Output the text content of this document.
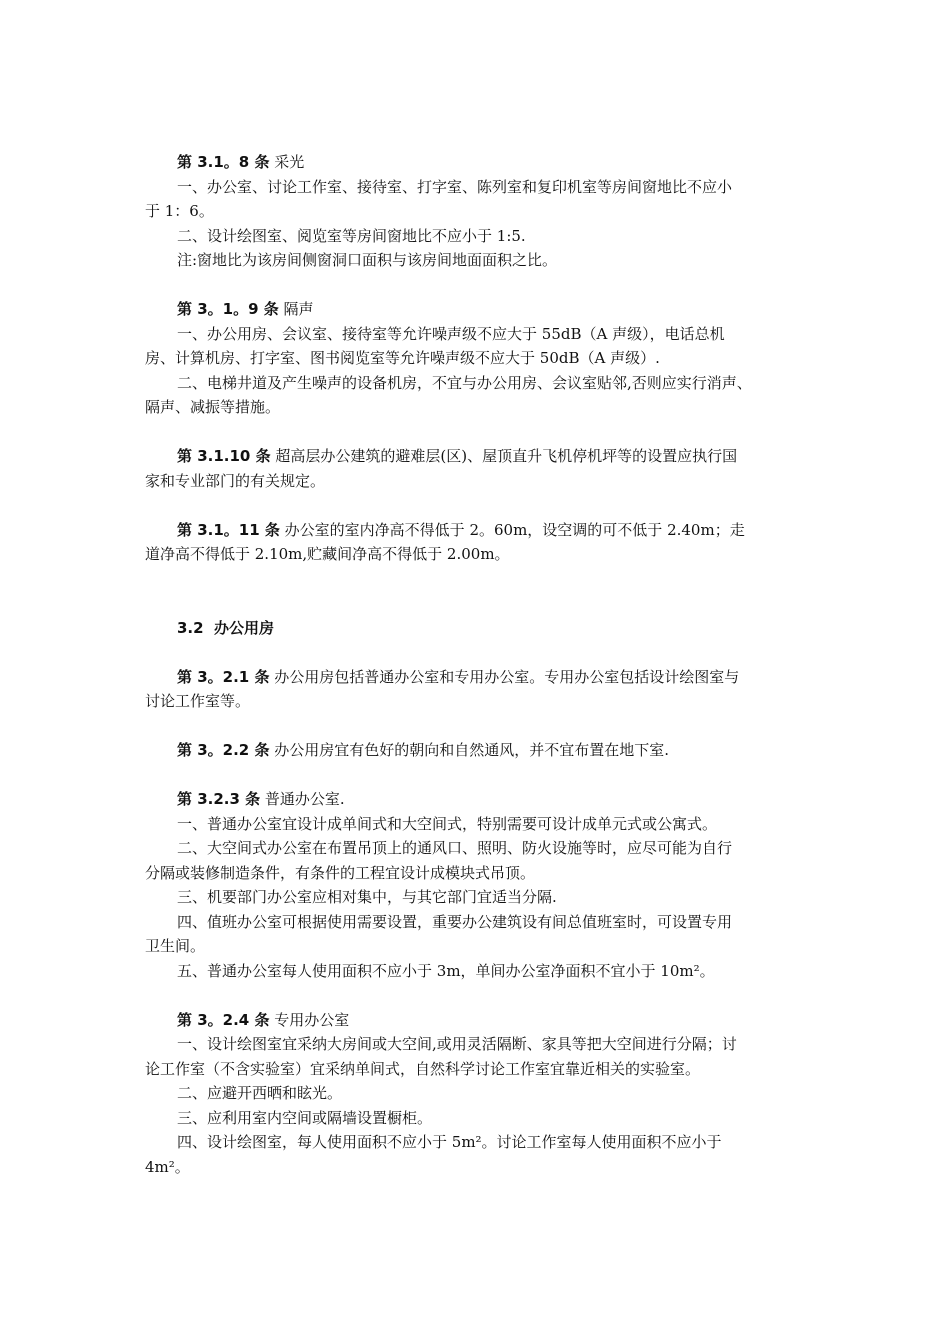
第 3.1。8 条 采光
一、办公室、讨论工作室、接待室、打字室、陈列室和复印机室等房间窗地比不应小
于 1：6。
二、设计绘图室、阅览室等房间窗地比不应小于 1:5.
注:窗地比为该房间侧窗洞口面积与该房间地面面积之比。
第 3。1。9 条 隔声
一、办公用房、会议室、接待室等允许噪声级不应大于 55dB（A 声级），电话总机
房、计算机房、打字室、图书阅览室等允许噪声级不应大于 50dB（A 声级）.
二、电梯井道及产生噪声的设备机房，不宜与办公用房、会议室贴邻,否则应实行消声、
隔声、减振等措施。
第 3.1.10 条 超高层办公建筑的避难层(区)、屋顶直升飞机停机坪等的设置应执行国
家和专业部门的有关规定。
第 3.1。11 条 办公室的室内净高不得低于 2。60m，设空调的可不低于 2.40m；走
道净高不得低于 2.10m,贮藏间净高不得低于 2.00m。
3.2 办公用房
第 3。2.1 条 办公用房包括普通办公室和专用办公室。专用办公室包括设计绘图室与
讨论工作室等。
第 3。2.2 条 办公用房宜有色好的朝向和自然通风，并不宜布置在地下室.
第 3.2.3 条 普通办公室.
一、普通办公室宜设计成单间式和大空间式，特别需要可设计成单元式或公寓式。
二、大空间式办公室在布置吊顶上的通风口、照明、防火设施等时，应尽可能为自行
分隔或装修制造条件，有条件的工程宜设计成模块式吊顶。
三、机要部门办公室应相对集中，与其它部门宜适当分隔.
四、值班办公室可根据使用需要设置，重要办公建筑设有间总值班室时，可设置专用
卫生间。
五、普通办公室每人使用面积不应小于 3m，单间办公室净面积不宜小于 10m²。
第 3。2.4 条 专用办公室
一、设计绘图室宜采纳大房间或大空间,或用灵活隔断、家具等把大空间进行分隔；讨
论工作室（不含实验室）宜采纳单间式，自然科学讨论工作室宜靠近相关的实验室。
二、应避开西晒和眩光。
三、应利用室内空间或隔墙设置橱柜。
四、设计绘图室，每人使用面积不应小于 5m²。讨论工作室每人使用面积不应小于
4m²。
